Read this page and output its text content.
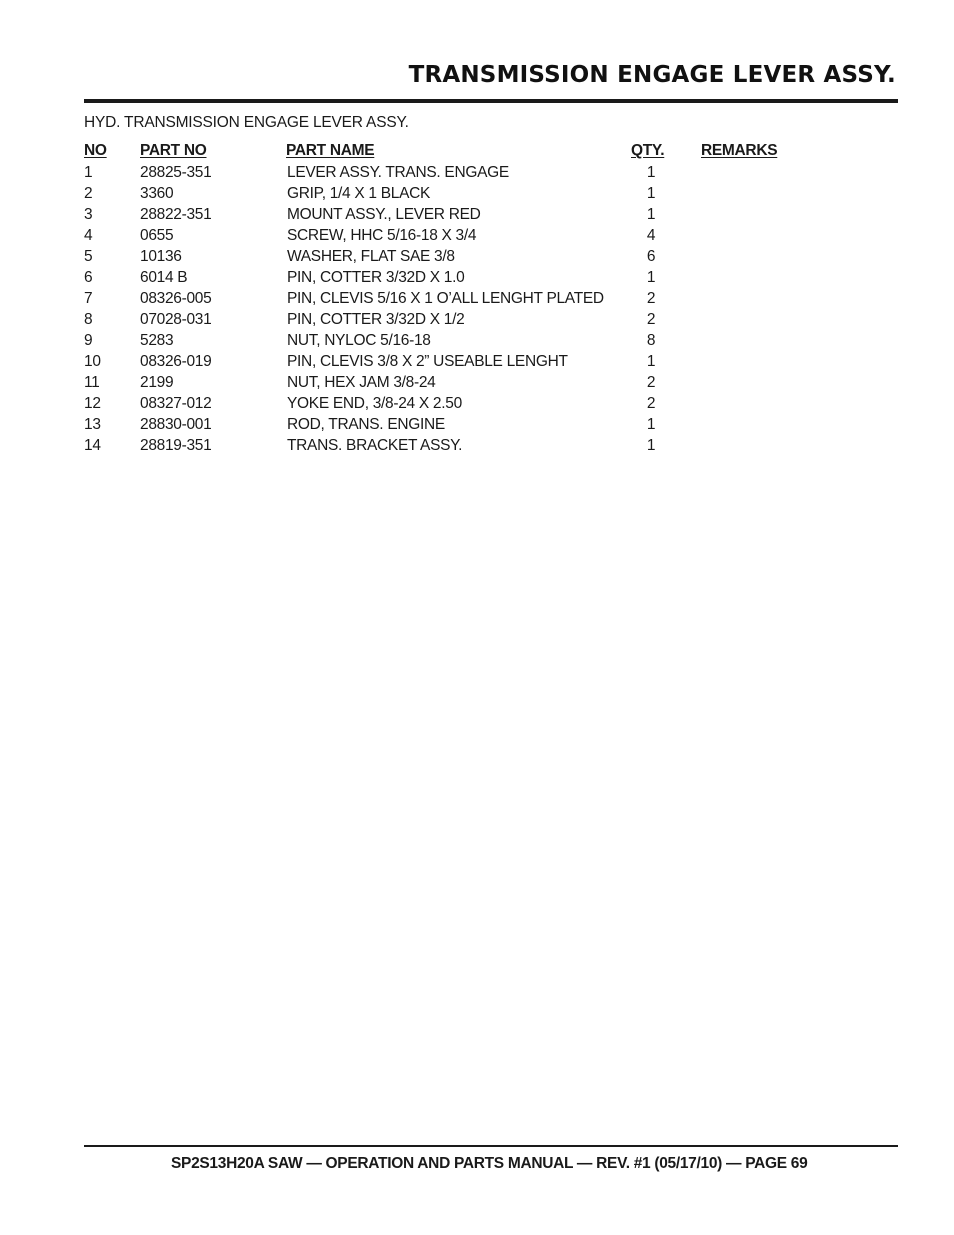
TRANSMISSION ENGAGE LEVER ASSY.
HYD. TRANSMISSION ENGAGE LEVER ASSY.
NO PART NO	PART NAME	QTY. REMARKS
1	28825-351	LEVER ASSY. TRANS. ENGAGE	1
2	3360	GRIP, 1/4 X 1 BLACK	1
3	28822-351	MOUNT ASSY., LEVER RED	1
4	0655	SCREW, HHC 5/16-18 X 3/4	4
5	10136	WASHER, FLAT SAE 3/8	6
6	6014 B	PIN, COTTER 3/32D X 1.0	1
7	08326-005	PIN, CLEVIS 5/16 X 1 O’ALL LENGHT PLATED	2
8	07028-031	PIN, COTTER 3/32D X 1/2	2
9	5283	NUT, NYLOC 5/16-18	8
10	08326-019	PIN, CLEVIS 3/8 X 2” USEABLE LENGHT	1
11	2199	NUT, HEX JAM 3/8-24	2
12	08327-012	YOKE END, 3/8-24 X 2.50	2
13	28830-001	ROD, TRANS. ENGINE	1
14	28819-351	TRANS. BRACKET ASSY.	1
SP2S13H20A SAW — OPERATION AND PARTS MANUAL — REV. #1 (05/17/10) — PAGE 69
